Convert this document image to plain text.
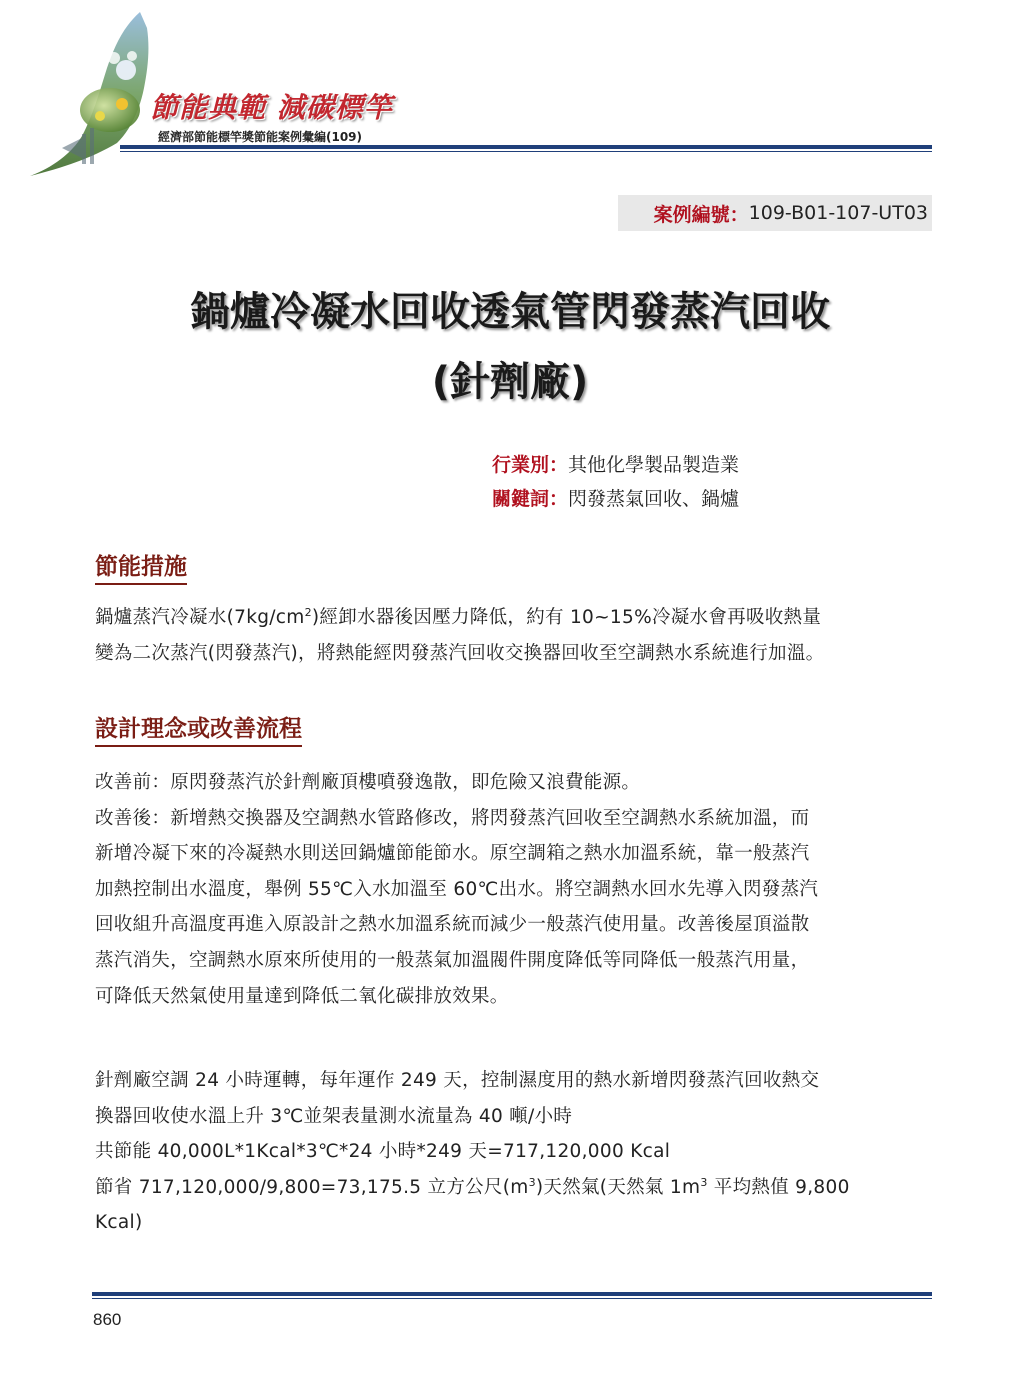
節能典範 減碳標竿
經濟部節能標竿獎節能案例彙編(109)
案例編號： 109-B01-107-UT03
鍋爐冷凝水回收透氣管閃發蒸汽回收
(針劑廠)
行業別：其他化學製品製造業
關鍵詞：閃發蒸氣回收、鍋爐
節能措施
鍋爐蒸汽冷凝水$(7kg/cm^2)$經卸水器後因壓力降低，約有 10~15%冷凝水會再吸收熱量
變為二次蒸汽(閃發蒸汽)，將熱能經閃發蒸汽回收交換器回收至空調熱水系統進行加溫。
設計理念或改善流程
改善前：原閃發蒸汽於針劑廠頂樓噴發逸散，即危險又浪費能源。
改善後：新增熱交換器及空調熱水管路修改，將閃發蒸汽回收至空調熱水系統加溫，而
新增冷凝下來的冷凝熱水則送回鍋爐節能節水。原空調箱之熱水加溫系統，靠一般蒸汽
加熱控制出水溫度，舉例 55℃入水加溫至 60℃出水。將空調熱水回水先導入閃發蒸汽
回收組升高溫度再進入原設計之熱水加溫系統而減少一般蒸汽使用量。改善後屋頂溢散
蒸汽消失，空調熱水原來所使用的一般蒸氣加溫閥件開度降低等同降低一般蒸汽用量，
可降低天然氣使用量達到降低二氧化碳排放效果。
針劑廠空調 24 小時運轉，每年運作 249 天，控制濕度用的熱水新增閃發蒸汽回收熱交
換器回收使水溫上升 3℃並架表量測水流量為 40 噸/小時
共節能 40,000L*1Kcal*3℃*24 小時*249 天=717,120,000 Kcal
節省 717,120,000/9,800=73,175.5 立方公尺$(m^3)$天然氣(天然氣 $1m^3$ 平均熱值 9,800
Kcal)
860
